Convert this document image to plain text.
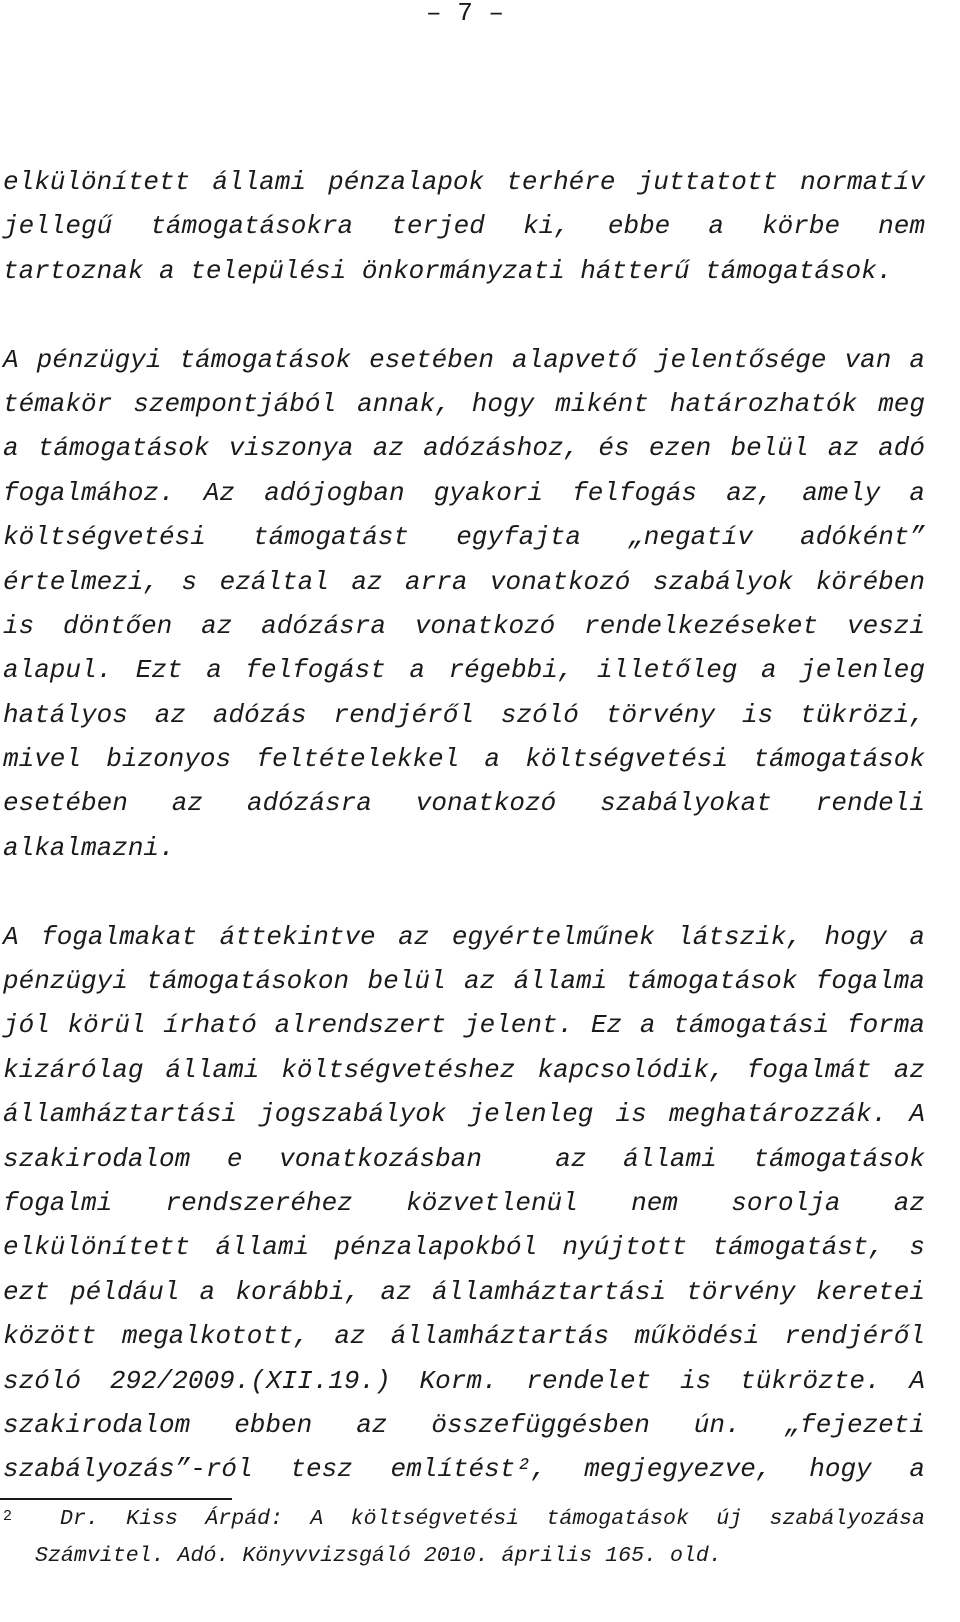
– 7 –
elkülönített állami pénzalapok terhére juttatott normatív
jellegű támogatásokra terjed ki, ebbe a körbe nem
tartoznak a települési önkormányzati hátterű támogatások.
A pénzügyi támogatások esetében alapvető jelentősége van a
témakör szempontjából annak, hogy miként határozhatók meg
a támogatások viszonya az adózáshoz, és ezen belül az adó
fogalmához. Az adójogban gyakori felfogás az, amely a
költségvetési támogatást egyfajta „negatív adóként”
értelmezi, s ezáltal az arra vonatkozó szabályok körében
is döntően az adózásra vonatkozó rendelkezéseket veszi
alapul. Ezt a felfogást a régebbi, illetőleg a jelenleg
hatályos az adózás rendjéről szóló törvény is tükrözi,
mivel bizonyos feltételekkel a költségvetési támogatások
esetében az adózásra vonatkozó szabályokat rendeli
alkalmazni.
A fogalmakat áttekintve az egyértelműnek látszik, hogy a
pénzügyi támogatásokon belül az állami támogatások fogalma
jól körül írható alrendszert jelent. Ez a támogatási forma
kizárólag állami költségvetéshez kapcsolódik, fogalmát az
államháztartási jogszabályok jelenleg is meghatározzák. A
szakirodalom e vonatkozásban  az állami támogatások
fogalmi rendszeréhez közvetlenül nem sorolja az
elkülönített állami pénzalapokból nyújtott támogatást, s
ezt például a korábbi, az államháztartási törvény keretei
között megalkotott, az államháztartás működési rendjéről
szóló 292/2009.(XII.19.) Korm. rendelet is tükrözte. A
szakirodalom ebben az összefüggésben ún. „fejezeti
szabályozás”-ról tesz említést², megjegyezve, hogy a
2 Dr. Kiss Árpád: A költségvetési támogatások új szabályozása
Számvitel. Adó. Könyvvizsgáló 2010. április 165. old.
